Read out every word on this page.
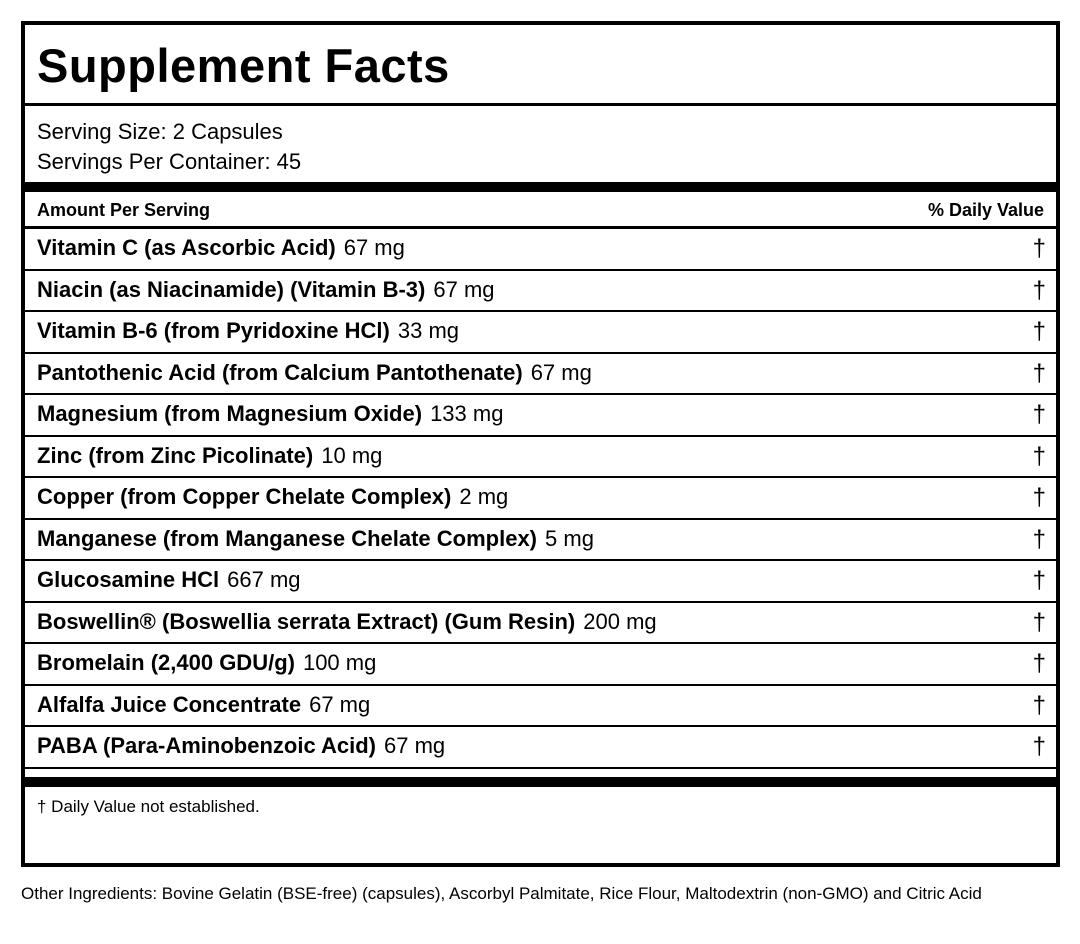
Supplement Facts
Serving Size: 2 Capsules
Servings Per Container: 45
Amount Per Serving	% Daily Value
Vitamin C (as Ascorbic Acid) 67 mg	†
Niacin (as Niacinamide) (Vitamin B-3) 67 mg	†
Vitamin B-6 (from Pyridoxine HCl) 33 mg	†
Pantothenic Acid (from Calcium Pantothenate) 67 mg	†
Magnesium (from Magnesium Oxide) 133 mg	†
Zinc (from Zinc Picolinate) 10 mg	†
Copper (from Copper Chelate Complex) 2 mg	†
Manganese (from Manganese Chelate Complex) 5 mg	†
Glucosamine HCl 667 mg	†
Boswellin® (Boswellia serrata Extract) (Gum Resin) 200 mg	†
Bromelain (2,400 GDU/g) 100 mg	†
Alfalfa Juice Concentrate 67 mg	†
PABA (Para-Aminobenzoic Acid) 67 mg	†
† Daily Value not established.
Other Ingredients: Bovine Gelatin (BSE-free) (capsules), Ascorbyl Palmitate, Rice Flour, Maltodextrin (non-GMO) and Citric Acid
